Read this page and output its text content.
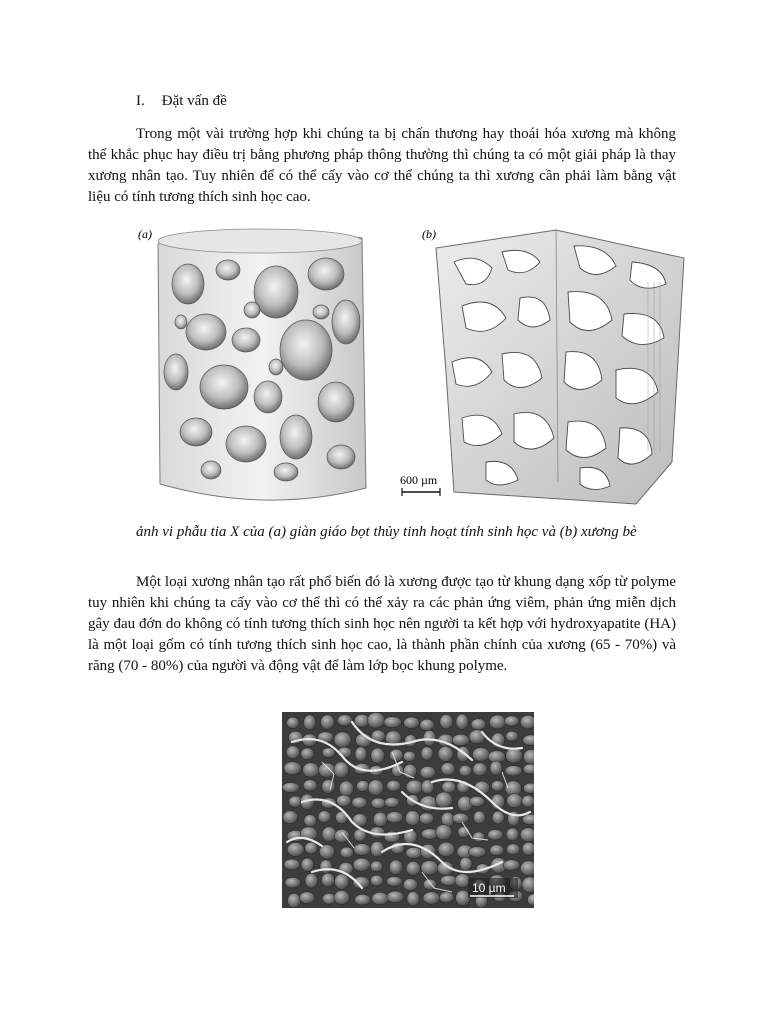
I. Đặt vấn đề

Trong một vài trường hợp khi chúng ta bị chấn thương hay thoái hóa xương mà không thể khắc phục hay điều trị bằng phương pháp thông thường thì chúng ta có một giải pháp là thay xương nhân tạo. Tuy nhiên để có thể cấy vào cơ thể chúng ta thì xương cần phải làm bằng vật liệu có tính tương thích sinh học cao.

(a)	(b)
600 µm

ảnh vi phẫu tia X của (a) giàn giáo bọt thủy tinh hoạt tính sinh học và (b) xương bè

Một loại xương nhân tạo rất phổ biến đó là xương được tạo từ khung dạng xốp từ polyme tuy nhiên khi chúng ta cấy vào cơ thể thì có thể xảy ra các phản ứng viêm, phản ứng miễn dịch gây đau đớn do không có tính tương thích sinh học nên người ta kết hợp với hydroxyapatite (HA) là một loại gốm có tính tương thích sinh học cao, là thành phần chính của xương (65 - 70%) và răng (70 - 80%) của người và động vật để làm lớp bọc khung polyme.

10 µm
